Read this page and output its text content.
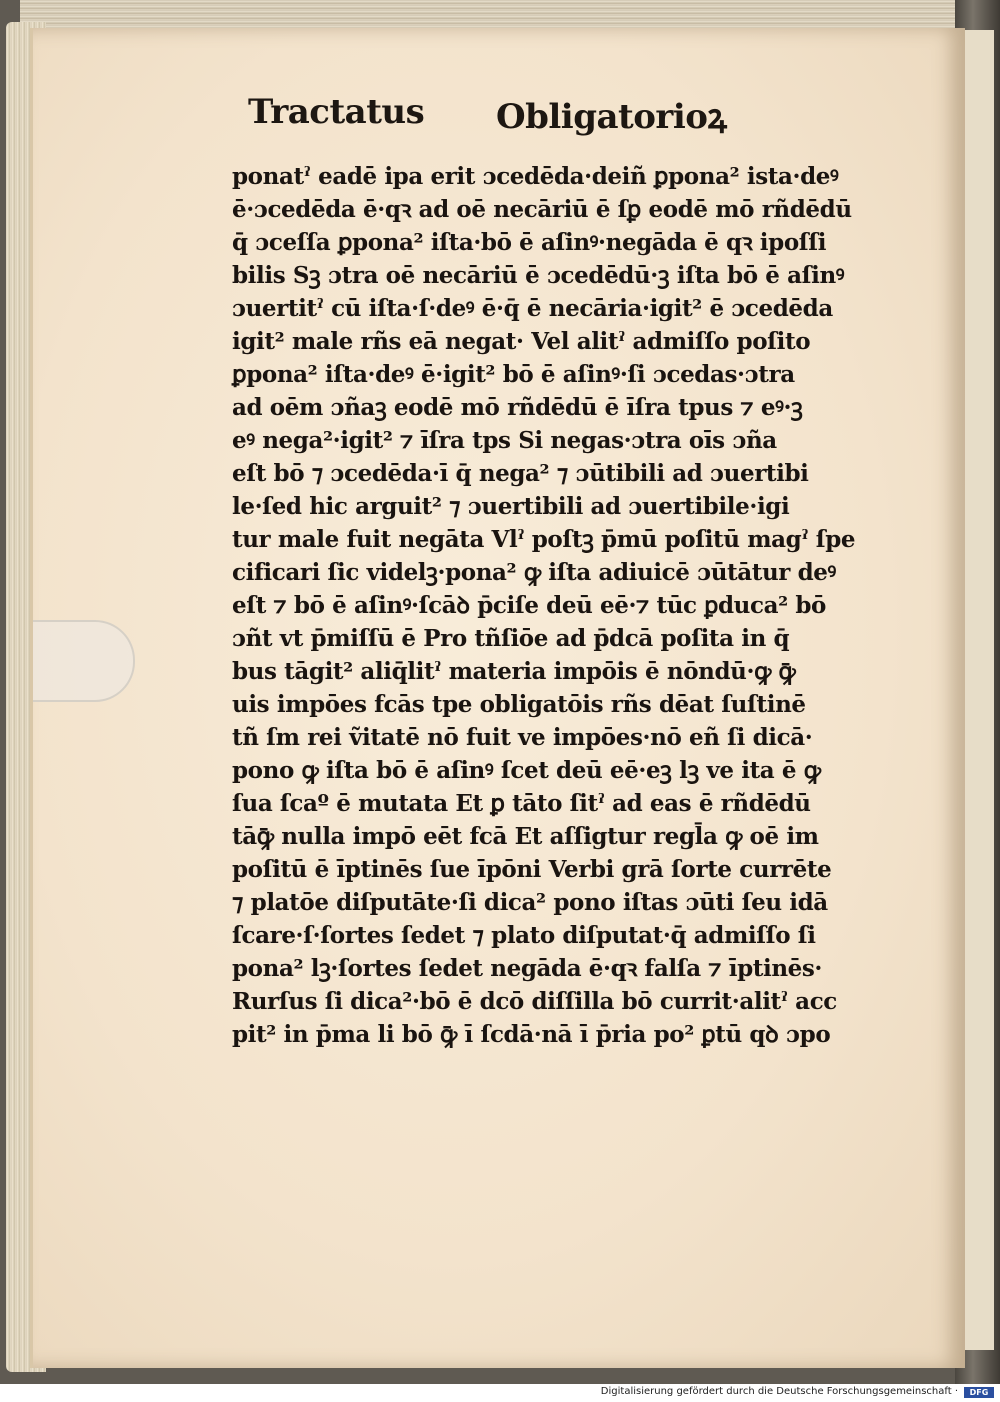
Tractatus Obligatorioꝝ
ponatˀ eadē ipa erit ɔcedēda·deiñ ꝑpona² ista·deꝰ
ē·ɔcedēda ē·qꝛ ad oē necāriū ē ſꝑ eodē mō rñdēdū
q̄ ɔceſſa ꝑpona² iſta·bō ē aſinꝰ·negāda ē qꝛ ipoſſi
bilis Sꝫ ɔtra oē necāriū ē ɔcedēdū·ꝫ iſta bō ē aſinꝰ
ɔuertitˀ cū iſta·ſ·deꝰ ē·q̄ ē necāria·igit² ē ɔcedēda
igit² male rñs eā negat· Vel alitˀ admiſſo poſito
ꝑpona² iſta·deꝰ ē·igit² bō ē aſinꝰ·ſi ɔcedas·ɔtra
ad oēm ɔñaꝫ eodē mō rñdēdū ē īſra tpus ⁊ eꝰ·ꝫ
eꝰ nega²·igit² ⁊ īſra tps Si negas·ɔtra oīs ɔña
eſt bō ⁊ ɔcedēda·ī q̄ nega² ⁊ ɔūtibili ad ɔuertibi
le·ſed hic arguit² ⁊ ɔuertibili ad ɔuertibile·igi
tur male fuit negāta Vlˀ poſtꝫ p̄mū poſitū magˀ ſpe
cificari ſic videlꝫ·pona² ꝙ iſta adiuicē ɔūtātur deꝰ
eſt ⁊ bō ē aſinꝰ·ſcāꝺ p̄ciſe deū eē·⁊ tūc ꝑduca² bō
ɔñt vt p̄miſſū ē Pro tñſiōe ad p̄dcā poſita in q̄
bus tāgit² aliq̄litˀ materia impōis ē nōndū·ꝙ ꝙ̄
uis impōes fcās tpe obligatōis rñs dēat ſuſtinē
tñ ſm rei ṽitatē nō fuit ve impōes·nō eñ ſi dicā·
pono ꝙ iſta bō ē aſinꝰ ſcet deū eē·eꝫ lꝫ ve ita ē ꝙ
ſua ſcaº ē mutata Et ꝑ tāto ſitˀ ad eas ē rñdēdū
tāꝙ̄ nulla impō eēt fcā Et aſſigtur regl̄a ꝙ oē im
poſitū ē īptinēs ſue īpōni Verbi grā ſorte currēte
⁊ platōe diſputāte·ſi dica² pono iſtas ɔūti ſeu idā
ſcare·ſ·ſortes ſedet ⁊ plato diſputat·q̄ admiſſo ſi
pona² lꝫ·ſortes ſedet negāda ē·qꝛ falſa ⁊ īptinēs·
Rurſus ſi dica²·bō ē dcō diſſilla bō currit·alitˀ acc
pit² in p̄ma li bō ꝙ̄ ī ſcdā·nā ī p̄ria po² ꝑtū qꝺ ɔpo
Digitalisierung gefördert durch die Deutsche Forschungsgemeinschaft ·	DFG
